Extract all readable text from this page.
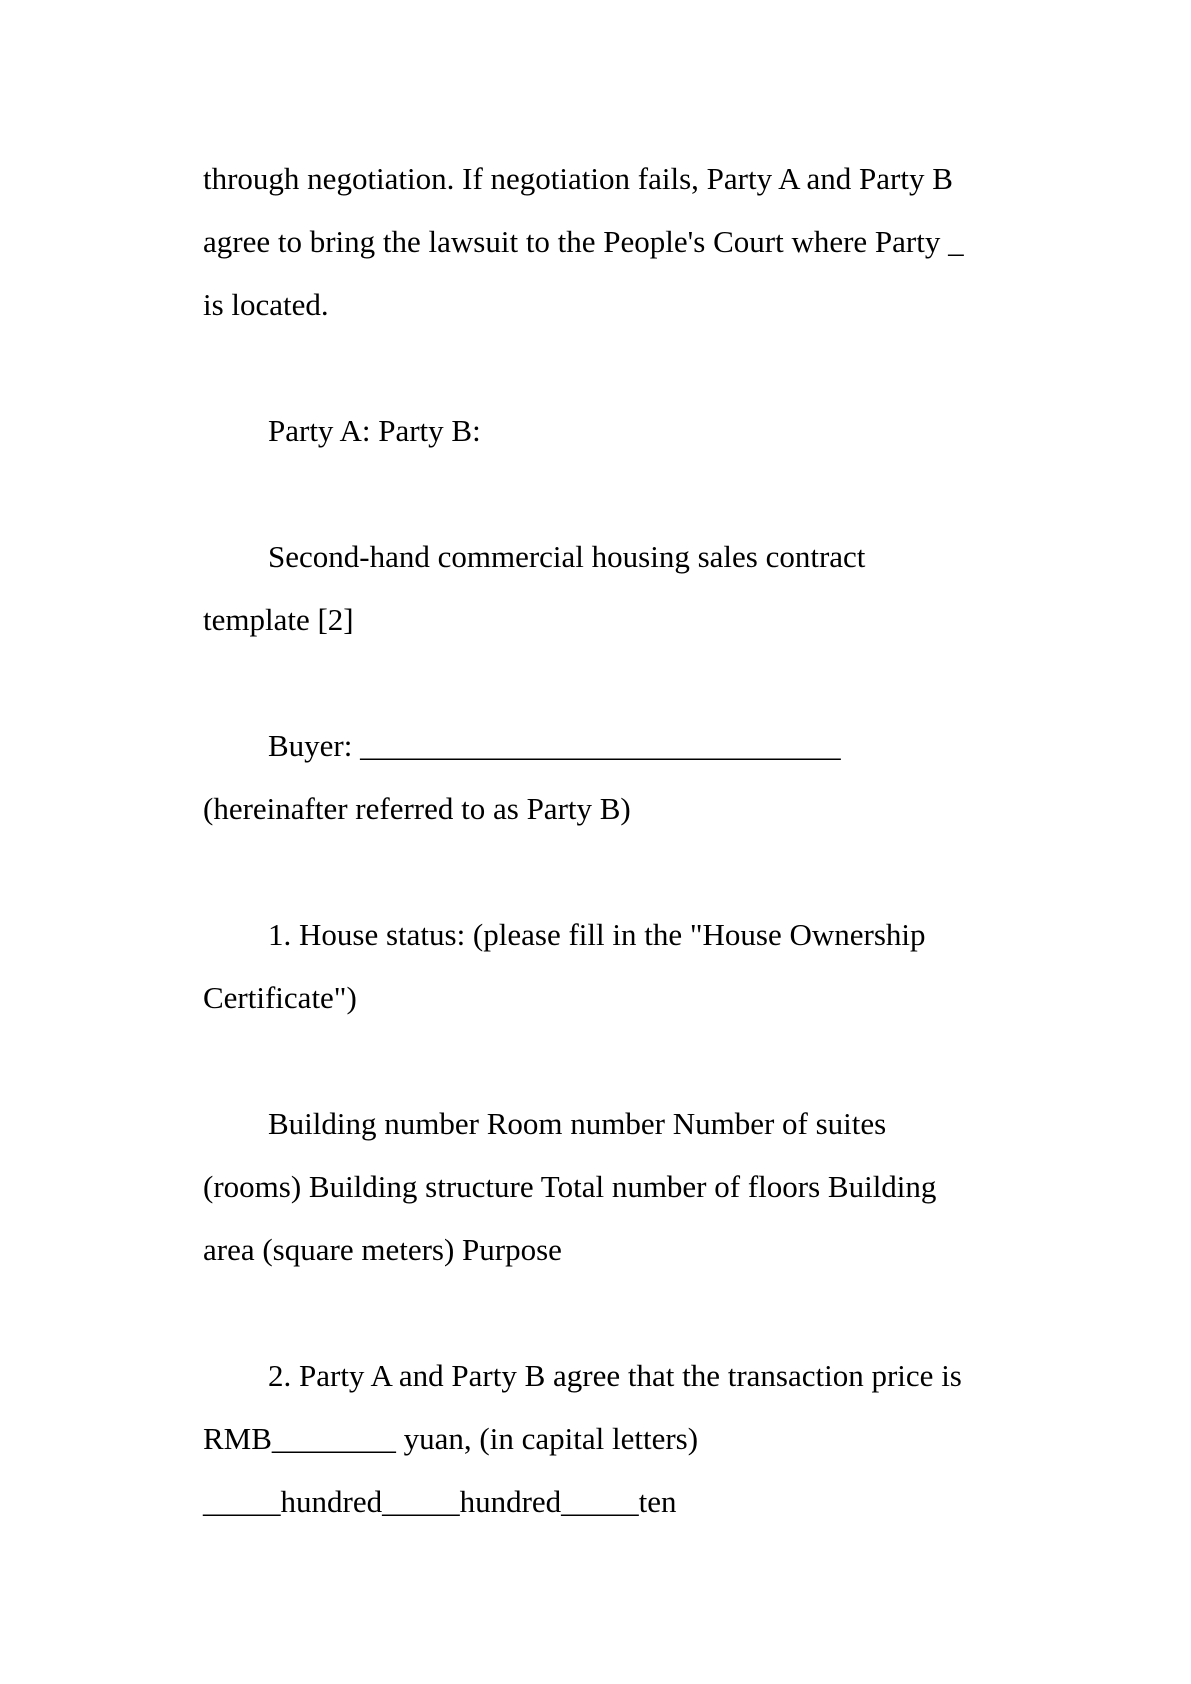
through negotiation. If negotiation fails, Party A and Party B
agree to bring the lawsuit to the People's Court where Party _
is located.
Party A: Party B:
Second-hand commercial housing sales contract
template [2]
Buyer: _______________________________
(hereinafter referred to as Party B)
1. House status: (please fill in the "House Ownership
Certificate")
Building number Room number Number of suites
(rooms) Building structure Total number of floors Building
area (square meters) Purpose
2. Party A and Party B agree that the transaction price is
RMB________ yuan, (in capital letters)
_____hundred_____hundred_____ten
